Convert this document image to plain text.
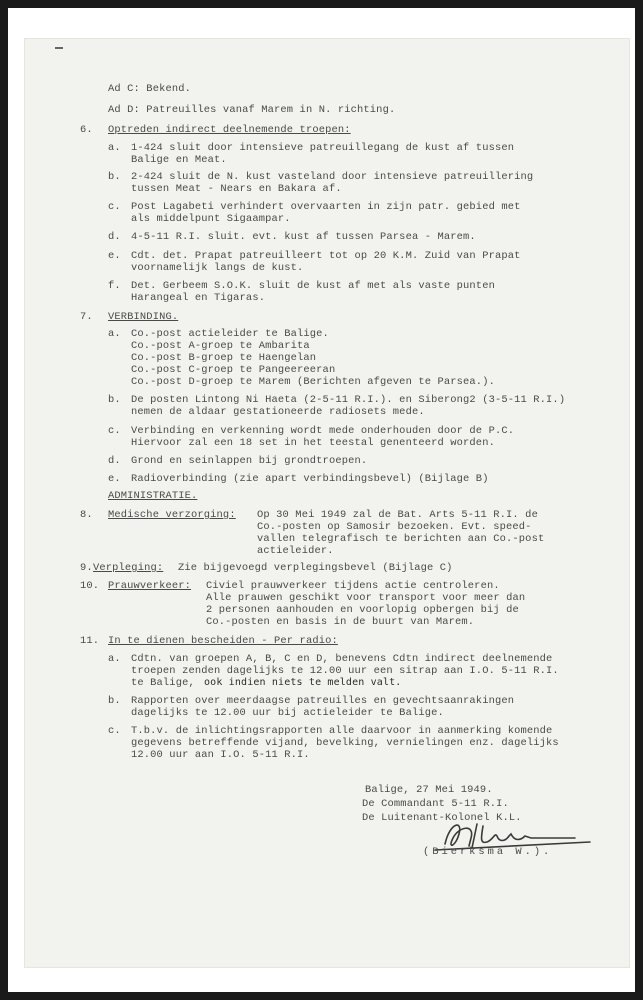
Ad C: Bekend.
Ad D: Patreuilles vanaf Marem in N. richting.
6. Optreden indirect deelnemende troepen:
a. 1-424 sluit door intensieve patreuillegang de kust af tussen
Balige en Meat.
b. 2-424 sluit de N. kust vasteland door intensieve patreuillering
tussen Meat - Nears en Bakara af.
c. Post Lagabeti verhindert overvaarten in zijn patr. gebied met
als middelpunt Sigaampar.
d. 4-5-11 R.I. sluit. evt. kust af tussen Parsea - Marem.
e. Cdt. det. Prapat patreuilleert tot op 20 K.M. Zuid van Prapat
voornamelijk langs de kust.
f. Det. Gerbeem S.O.K. sluit de kust af met als vaste punten
Harangeal en Tigaras.
7. VERBINDING.
a. Co.-post actieleider te Balige.
Co.-post A-groep te Ambarita
Co.-post B-groep te Haengelan
Co.-post C-groep te Pangeereeran
Co.-post D-groep te Marem (Berichten afgeven te Parsea.).
b. De posten Lintong Ni Haeta (2-5-11 R.I.). en Siberong2 (3-5-11 R.I.)
nemen de aldaar gestationeerde radiosets mede.
c. Verbinding en verkenning wordt mede onderhouden door de P.C.
Hiervoor zal een 18 set in het teestal genenteerd worden.
d. Grond en seinlappen bij grondtroepen.
e. Radioverbinding (zie apart verbindingsbevel) (Bijlage B)
ADMINISTRATIE.
8. Medische verzorging: Op 30 Mei 1949 zal de Bat. Arts 5-11 R.I. de
Co.-posten op Samosir bezoeken. Evt. speed-
vallen telegrafisch te berichten aan Co.-post
actieleider.
9. Verpleging: Zie bijgevoegd verplegingsbevel (Bijlage C)
10. Prauwverkeer: Civiel prauwverkeer tijdens actie centroleren.
Alle prauwen geschikt voor transport voor meer dan
2 personen aanhouden en voorlopig opbergen bij de
Co.-posten en basis in de buurt van Marem.
11. In te dienen bescheiden - Per radio:
a. Cdtn. van groepen A, B, C en D, benevens Cdtn indirect deelnemende
troepen zenden dagelijks te 12.00 uur een sitrap aan I.O. 5-11 R.I.
te Balige, ook indien niets te melden valt.
b. Rapporten over meerdaagse patreuilles en gevechtsaanrakingen
dagelijks te 12.00 uur bij actieleider te Balige.
c. T.b.v. de inlichtingsrapporten alle daarvoor in aanmerking komende
gegevens betreffende vijand, bevelking, vernielingen enz. dagelijks
12.00 uur aan I.O. 5-11 R.I.
Balige, 27 Mei 1949.
De Commandant 5-11 R.I.
De Luitenant-Kolonel K.L.
(Bierksma W.).
